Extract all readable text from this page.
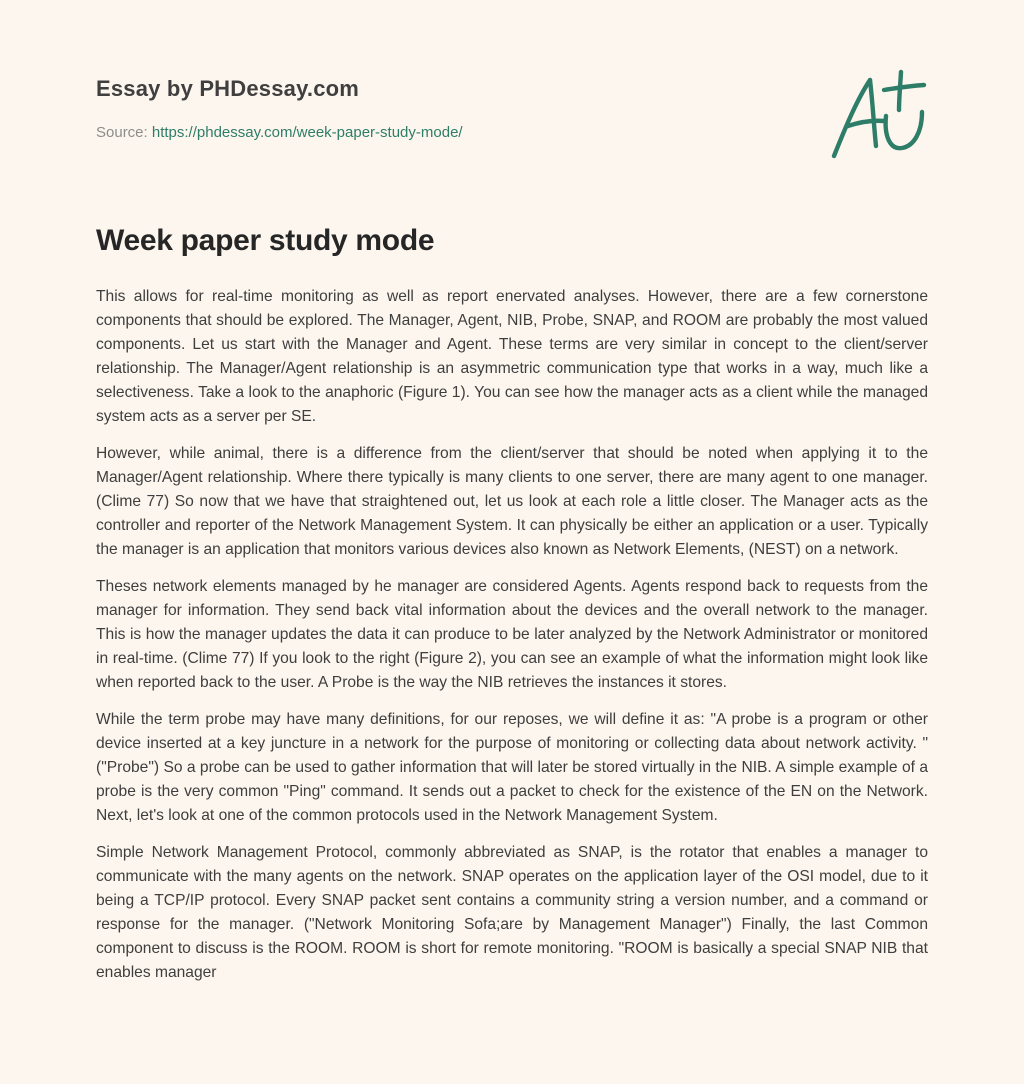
Essay by PHDessay.com
Source: https://phdessay.com/week-paper-study-mode/
Week paper study mode

This allows for real-time monitoring as well as report enervated analyses. However, there are a few cornerstone components that should be explored. The Manager, Agent, NIB, Probe, SNAP, and ROOM are probably the most valued components. Let us start with the Manager and Agent. These terms are very similar in concept to the client/server relationship. The Manager/Agent relationship is an asymmetric communication type that works in a way, much like a selectiveness. Take a look to the anaphoric (Figure 1). You can see how the manager acts as a client while the managed system acts as a server per SE.

However, while animal, there is a difference from the client/server that should be noted when applying it to the Manager/Agent relationship. Where there typically is many clients to one server, there are many agent to one manager. (Clime 77) So now that we have that straightened out, let us look at each role a little closer. The Manager acts as the controller and reporter of the Network Management System. It can physically be either an application or a user. Typically the manager is an application that monitors various devices also known as Network Elements, (NEST) on a network.

Theses network elements managed by he manager are considered Agents. Agents respond back to requests from the manager for information. They send back vital information about the devices and the overall network to the manager. This is how the manager updates the data it can produce to be later analyzed by the Network Administrator or monitored in real-time. (Clime 77) If you look to the right (Figure 2), you can see an example of what the information might look like when reported back to the user. A Probe is the way the NIB retrieves the instances it stores.

While the term probe may have many definitions, for our reposes, we will define it as: "A probe is a program or other device inserted at a key juncture in a network for the purpose of monitoring or collecting data about network activity. " ("Probe") So a probe can be used to gather information that will later be stored virtually in the NIB. A simple example of a probe is the very common "Ping" command. It sends out a packet to check for the existence of the EN on the Network. Next, let's look at one of the common protocols used in the Network Management System.

Simple Network Management Protocol, commonly abbreviated as SNAP, is the rotator that enables a manager to communicate with the many agents on the network. SNAP operates on the application layer of the OSI model, due to it being a TCP/IP protocol. Every SNAP packet sent contains a community string a version number, and a command or response for the manager. ("Network Monitoring Sofa;are by Management Manager") Finally, the last Common component to discuss is the ROOM. ROOM is short for remote monitoring. "ROOM is basically a special SNAP NIB that enables manager
